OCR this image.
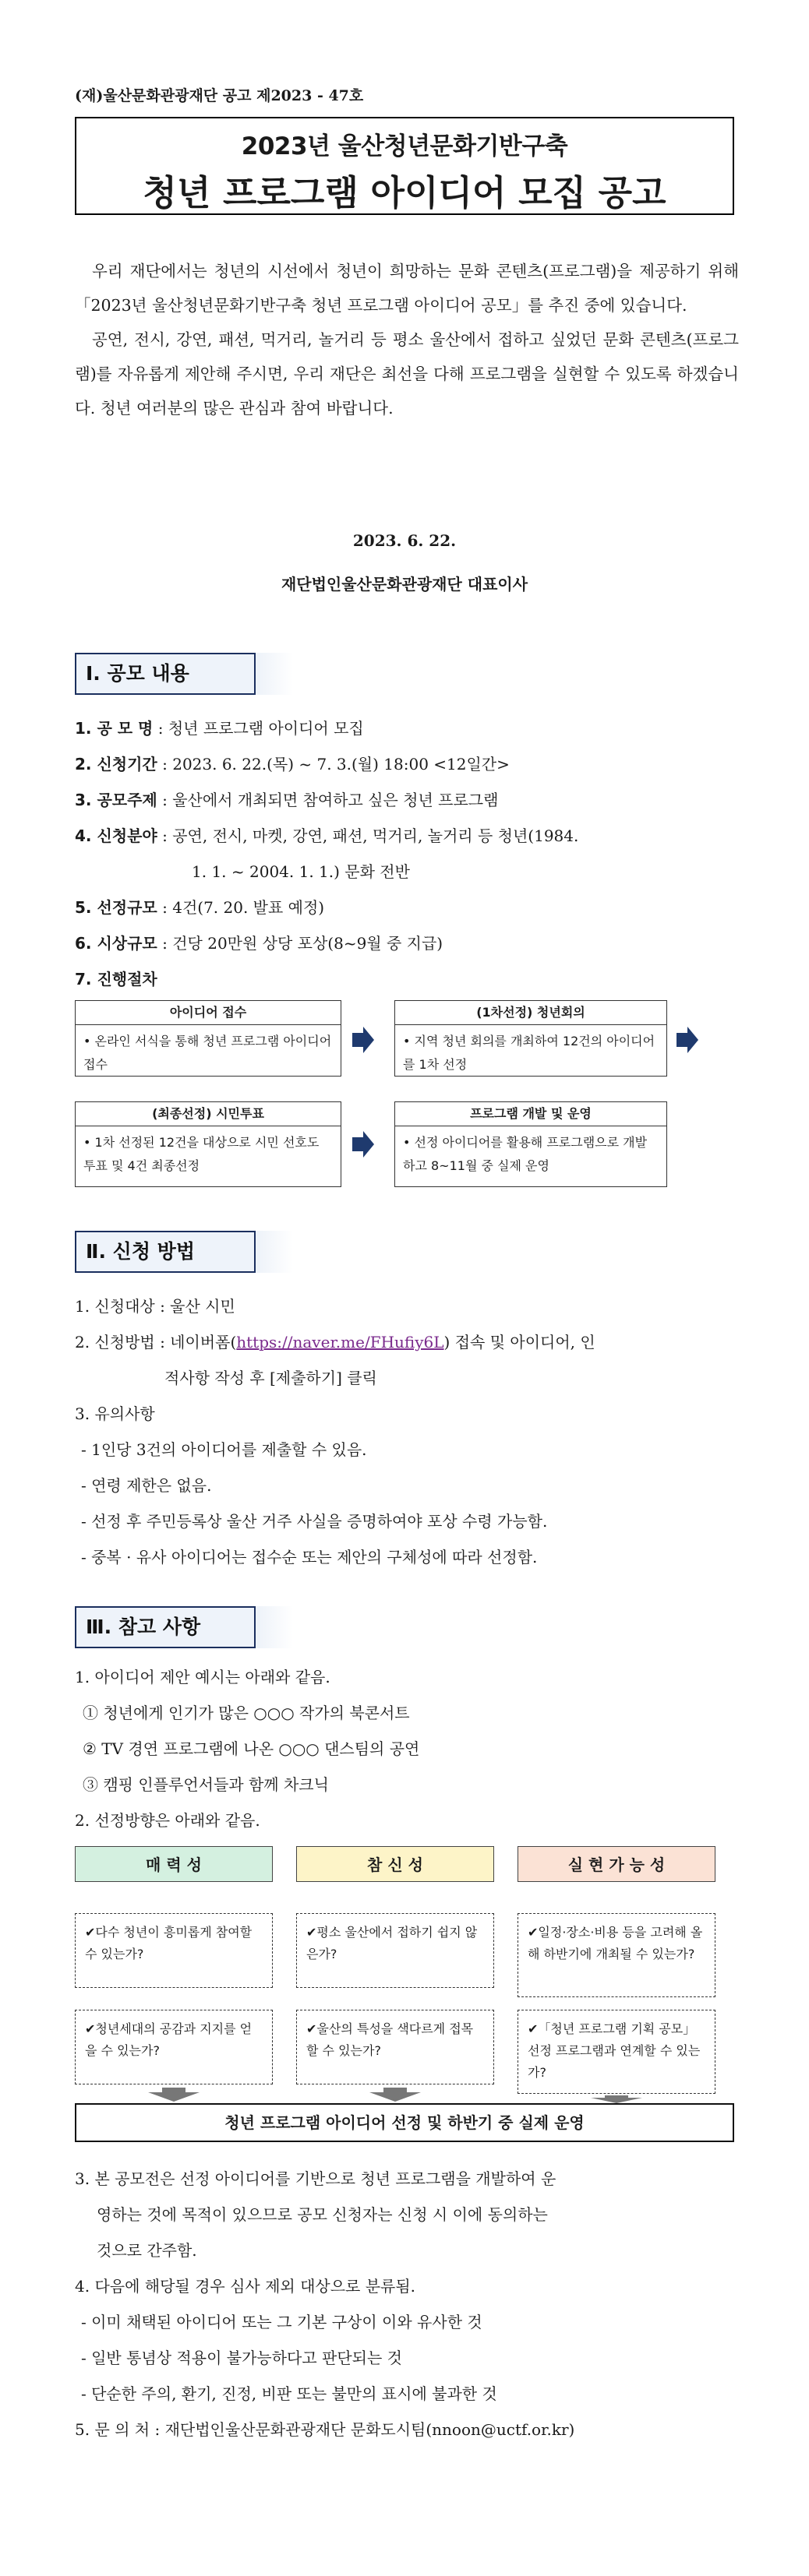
(재)울산문화관광재단 공고 제2023 - 47호
2023년 울산청년문화기반구축
청년 프로그램 아이디어 모집 공고

우리 재단에서는 청년의 시선에서 청년이 희망하는 문화 콘텐츠(프로그램)을 제공하기 위해 「2023년 울산청년문화기반구축 청년 프로그램 아이디어 공모」를 추진 중에 있습니다.

공연, 전시, 강연, 패션, 먹거리, 놀거리 등 평소 울산에서 접하고 싶었던 문화 콘텐츠(프로그램)를 자유롭게 제안해 주시면, 우리 재단은 최선을 다해 프로그램을 실현할 수 있도록 하겠습니다. 청년 여러분의 많은 관심과 참여 바랍니다.

2023. 6. 22.
재단법인울산문화관광재단 대표이사
Ⅰ. 공모 내용
1. 공 모 명 : 청년 프로그램 아이디어 모집
2. 신청기간 : 2023. 6. 22.(목) ~ 7. 3.(월) 18:00 <12일간>
3. 공모주제 : 울산에서 개최되면 참여하고 싶은 청년 프로그램
4. 신청분야 : 공연, 전시, 마켓, 강연, 패션, 먹거리, 놀거리 등 청년(1984.
1. 1. ~ 2004. 1. 1.) 문화 전반
5. 선정규모 : 4건(7. 20. 발표 예정)
6. 시상규모 : 건당 20만원 상당 포상(8~9월 중 지급)
7. 진행절차
아이디어 접수
• 온라인 서식을 통해 청년 프로그램 아이디어 접수
(1차선정) 청년회의
• 지역 청년 회의를 개최하여 12건의 아이디어를 1차 선정
(최종선정) 시민투표
• 1차 선정된 12건을 대상으로 시민 선호도 투표 및 4건 최종선정
프로그램 개발 및 운영
• 선정 아이디어를 활용해 프로그램으로 개발하고 8~11월 중 실제 운영
Ⅱ. 신청 방법
1. 신청대상 : 울산 시민
2. 신청방법 : 네이버폼(https://naver.me/FHufiy6L) 접속 및 아이디어, 인
적사항 작성 후 [제출하기] 클릭
3. 유의사항
- 1인당 3건의 아이디어를 제출할 수 있음.
- 연령 제한은 없음.
- 선정 후 주민등록상 울산 거주 사실을 증명하여야 포상 수령 가능함.
- 중복 · 유사 아이디어는 접수순 또는 제안의 구체성에 따라 선정함.
Ⅲ. 참고 사항
1. 아이디어 제안 예시는 아래와 같음.
① 청년에게 인기가 많은 ○○○ 작가의 북콘서트
② TV 경연 프로그램에 나온 ○○○ 댄스팀의 공연
③ 캠핑 인플루언서들과 함께 차크닉
2. 선정방향은 아래와 같음.
매 력 성
✔다수 청년이 흥미롭게 참여할 수 있는가?
✔청년세대의 공감과 지지를 얻을 수 있는가?
참 신 성
✔평소 울산에서 접하기 쉽지 않은가?
✔울산의 특성을 색다르게 접목할 수 있는가?
실 현 가 능 성
✔일정·장소·비용 등을 고려해 올해 하반기에 개최될 수 있는가?
✔「청년 프로그램 기획 공모」 선정 프로그램과 연계할 수 있는가?
청년 프로그램 아이디어 선정 및 하반기 중 실제 운영
3. 본 공모전은 선정 아이디어를 기반으로 청년 프로그램을 개발하여 운
영하는 것에 목적이 있으므로 공모 신청자는 신청 시 이에 동의하는
것으로 간주함.
4. 다음에 해당될 경우 심사 제외 대상으로 분류됨.
- 이미 채택된 아이디어 또는 그 기본 구상이 이와 유사한 것
- 일반 통념상 적용이 불가능하다고 판단되는 것
- 단순한 주의, 환기, 진정, 비판 또는 불만의 표시에 불과한 것
5. 문 의 처 : 재단법인울산문화관광재단 문화도시팀(nnoon@uctf.or.kr)
